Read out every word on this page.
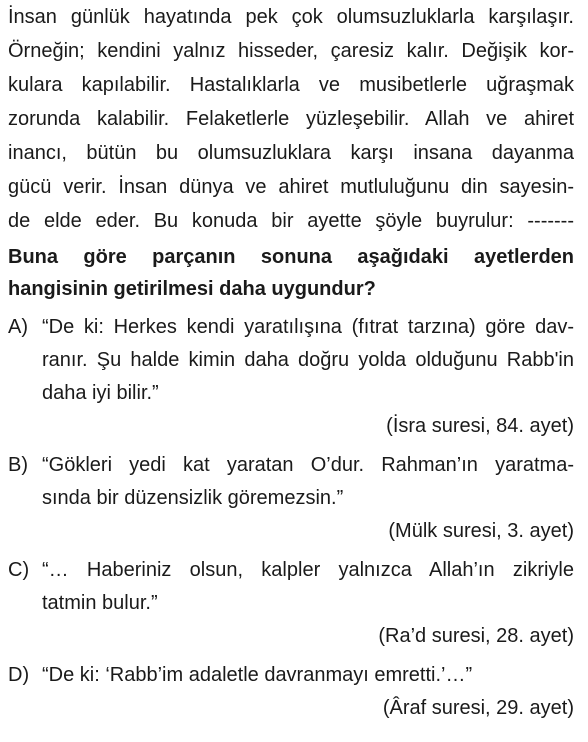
İnsan günlük hayatında pek çok olumsuzluklarla karşılaşır.
Örneğin; kendini yalnız hisseder, çaresiz kalır. Değişik kor-
kulara kapılabilir. Hastalıklarla ve musibetlerle uğraşmak
zorunda kalabilir. Felaketlerle yüzleşebilir. Allah ve ahiret
inancı, bütün bu olumsuzluklara karşı insana dayanma
gücü verir. İnsan dünya ve ahiret mutluluğunu din sayesin-
de elde eder. Bu konuda bir ayette şöyle buyrulur: -------
Buna göre parçanın sonuna aşağıdaki ayetlerden
hangisinin getirilmesi daha uygundur?
A) “De ki: Herkes kendi yaratılışına (fıtrat tarzına) göre dav-
ranır. Şu halde kimin daha doğru yolda olduğunu Rabb'in
daha iyi bilir.”
(İsra suresi, 84. ayet)
B) “Gökleri yedi kat yaratan O’dur. Rahman’ın yaratma-
sında bir düzensizlik göremezsin.”
(Mülk suresi, 3. ayet)
C) “… Haberiniz olsun, kalpler yalnızca Allah’ın zikriyle
tatmin bulur.”
(Ra’d suresi, 28. ayet)
D) “De ki: ‘Rabb’im adaletle davranmayı emretti.’…”
(Âraf suresi, 29. ayet)
